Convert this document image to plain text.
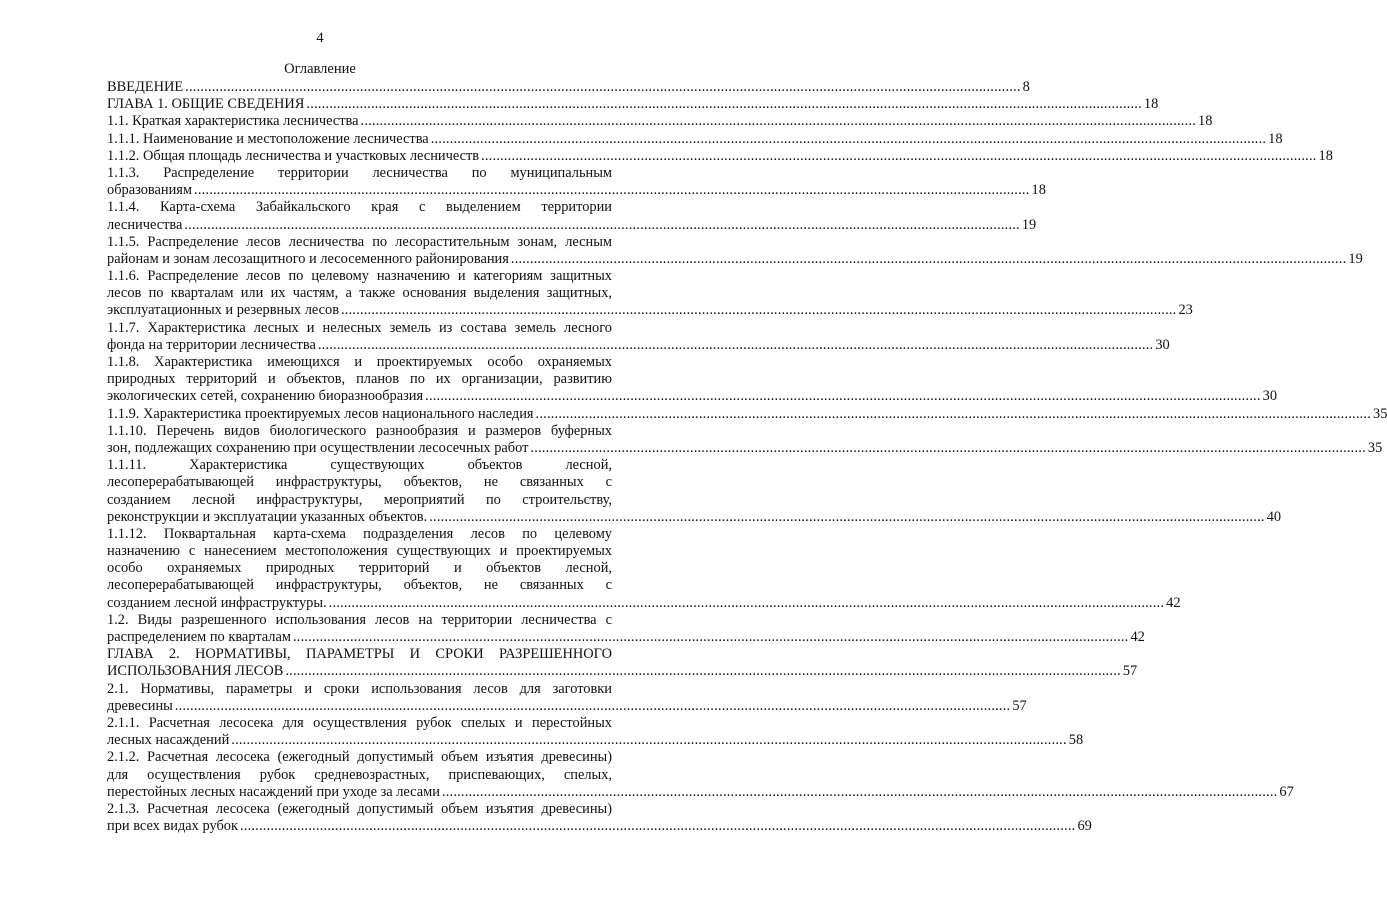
4
Оглавление
ВВЕДЕНИЕ ............................................................................................................................................................................................................................ 8
ГЛАВА 1. ОБЩИЕ СВЕДЕНИЯ ............................................................................................................................................................................................................................ 18
1.1. Краткая характеристика лесничества ............................................................................................................................................................................................................................ 18
1.1.1. Наименование и местоположение лесничества ............................................................................................................................................................................................................................ 18
1.1.2. Общая площадь лесничества и участковых лесничеств ............................................................................................................................................................................................................................ 18
1.1.3. Распределение территории лесничества по муниципальным
образованиям ............................................................................................................................................................................................................................ 18
1.1.4. Карта-схема Забайкальского края с выделением территории
лесничества ............................................................................................................................................................................................................................ 19
1.1.5. Распределение лесов лесничества по лесорастительным зонам, лесным
районам и зонам лесозащитного и лесосеменного районирования ............................................................................................................................................................................................................................ 19
1.1.6. Распределение лесов по целевому назначению и категориям защитных
лесов по кварталам или их частям, а также основания выделения защитных,
эксплуатационных и резервных лесов ............................................................................................................................................................................................................................ 23
1.1.7. Характеристика лесных и нелесных земель из состава земель лесного
фонда на территории лесничества ............................................................................................................................................................................................................................ 30
1.1.8. Характеристика имеющихся и проектируемых особо охраняемых
природных территорий и объектов, планов по их организации, развитию
экологических сетей, сохранению биоразнообразия ............................................................................................................................................................................................................................ 30
1.1.9. Характеристика проектируемых лесов национального наследия ............................................................................................................................................................................................................................ 35
1.1.10. Перечень видов биологического разнообразия и размеров буферных
зон, подлежащих сохранению при осуществлении лесосечных работ ............................................................................................................................................................................................................................ 35
1.1.11. Характеристика существующих объектов лесной,
лесоперерабатывающей инфраструктуры, объектов, не связанных с
созданием лесной инфраструктуры, мероприятий по строительству,
реконструкции и эксплуатации указанных объектов. ............................................................................................................................................................................................................................ 40
1.1.12. Поквартальная карта-схема подразделения лесов по целевому
назначению с нанесением местоположения существующих и проектируемых
особо охраняемых природных территорий и объектов лесной,
лесоперерабатывающей инфраструктуры, объектов, не связанных с
созданием лесной инфраструктуры. ............................................................................................................................................................................................................................ 42
1.2. Виды разрешенного использования лесов на территории лесничества с
распределением по кварталам ............................................................................................................................................................................................................................ 42
ГЛАВА 2. НОРМАТИВЫ, ПАРАМЕТРЫ И СРОКИ РАЗРЕШЕННОГО
ИСПОЛЬЗОВАНИЯ ЛЕСОВ ............................................................................................................................................................................................................................ 57
2.1. Нормативы, параметры и сроки использования лесов для заготовки
древесины ............................................................................................................................................................................................................................ 57
2.1.1. Расчетная лесосека для осуществления рубок спелых и перестойных
лесных насаждений ............................................................................................................................................................................................................................ 58
2.1.2. Расчетная лесосека (ежегодный допустимый объем изъятия древесины)
для осуществления рубок средневозрастных, приспевающих, спелых,
перестойных лесных насаждений при уходе за лесами ............................................................................................................................................................................................................................ 67
2.1.3. Расчетная лесосека (ежегодный допустимый объем изъятия древесины)
при всех видах рубок ............................................................................................................................................................................................................................ 69
